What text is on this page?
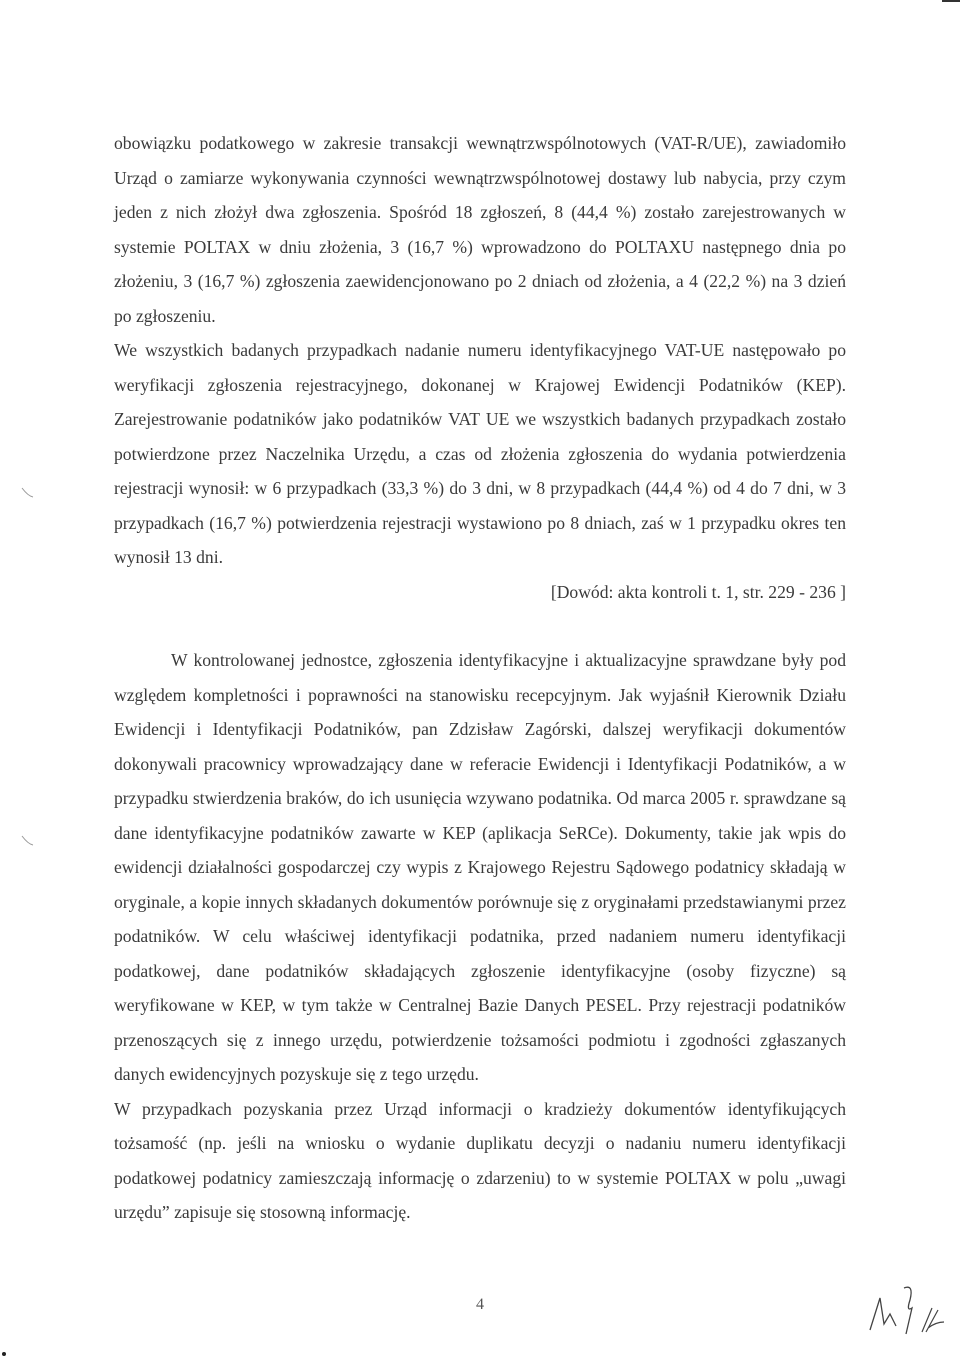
obowiązku podatkowego w zakresie transakcji wewnątrzwspólnotowych (VAT-R/UE), zawiadomiło Urząd o zamiarze wykonywania czynności wewnątrzwspólnotowej dostawy lub nabycia, przy czym jeden z nich złożył dwa zgłoszenia. Spośród 18 zgłoszeń, 8 (44,4 %) zostało zarejestrowanych w systemie POLTAX w dniu złożenia, 3 (16,7 %) wprowadzono do POLTAXU następnego dnia po złożeniu, 3 (16,7 %) zgłoszenia zaewidencjonowano po 2 dniach od złożenia, a 4 (22,2 %) na 3 dzień po zgłoszeniu.

We wszystkich badanych przypadkach nadanie numeru identyfikacyjnego VAT-UE następowało po weryfikacji zgłoszenia rejestracyjnego, dokonanej w Krajowej Ewidencji Podatników (KEP). Zarejestrowanie podatników jako podatników VAT UE we wszystkich badanych przypadkach zostało potwierdzone przez Naczelnika Urzędu, a czas od złożenia zgłoszenia do wydania potwierdzenia rejestracji wynosił: w 6 przypadkach (33,3 %) do 3 dni, w 8 przypadkach (44,4 %) od 4 do 7 dni, w 3 przypadkach (16,7 %) potwierdzenia rejestracji wystawiono po 8 dniach, zaś w 1 przypadku okres ten wynosił 13 dni.

[Dowód: akta kontroli t. 1, str. 229 - 236 ]

W kontrolowanej jednostce, zgłoszenia identyfikacyjne i aktualizacyjne sprawdzane były pod względem kompletności i poprawności na stanowisku recepcyjnym. Jak wyjaśnił Kierownik Działu Ewidencji i Identyfikacji Podatników, pan Zdzisław Zagórski, dalszej weryfikacji dokumentów dokonywali pracownicy wprowadzający dane w referacie Ewidencji i Identyfikacji Podatników, a w przypadku stwierdzenia braków, do ich usunięcia wzywano podatnika. Od marca 2005 r. sprawdzane są dane identyfikacyjne podatników zawarte w KEP (aplikacja SeRCe). Dokumenty, takie jak wpis do ewidencji działalności gospodarczej czy wypis z Krajowego Rejestru Sądowego podatnicy składają w oryginale, a kopie innych składanych dokumentów porównuje się z oryginałami przedstawianymi przez podatników. W celu właściwej identyfikacji podatnika, przed nadaniem numeru identyfikacji podatkowej, dane podatników składających zgłoszenie identyfikacyjne (osoby fizyczne) są weryfikowane w KEP, w tym także w Centralnej Bazie Danych PESEL. Przy rejestracji podatników przenoszących się z innego urzędu, potwierdzenie tożsamości podmiotu i zgodności zgłaszanych danych ewidencyjnych pozyskuje się z tego urzędu.

W przypadkach pozyskania przez Urząd informacji o kradzieży dokumentów identyfikujących tożsamość (np. jeśli na wniosku o wydanie duplikatu decyzji o nadaniu numeru identyfikacji podatkowej podatnicy zamieszczają informację o zdarzeniu) to w systemie POLTAX w polu „uwagi urzędu” zapisuje się stosowną informację.

4
